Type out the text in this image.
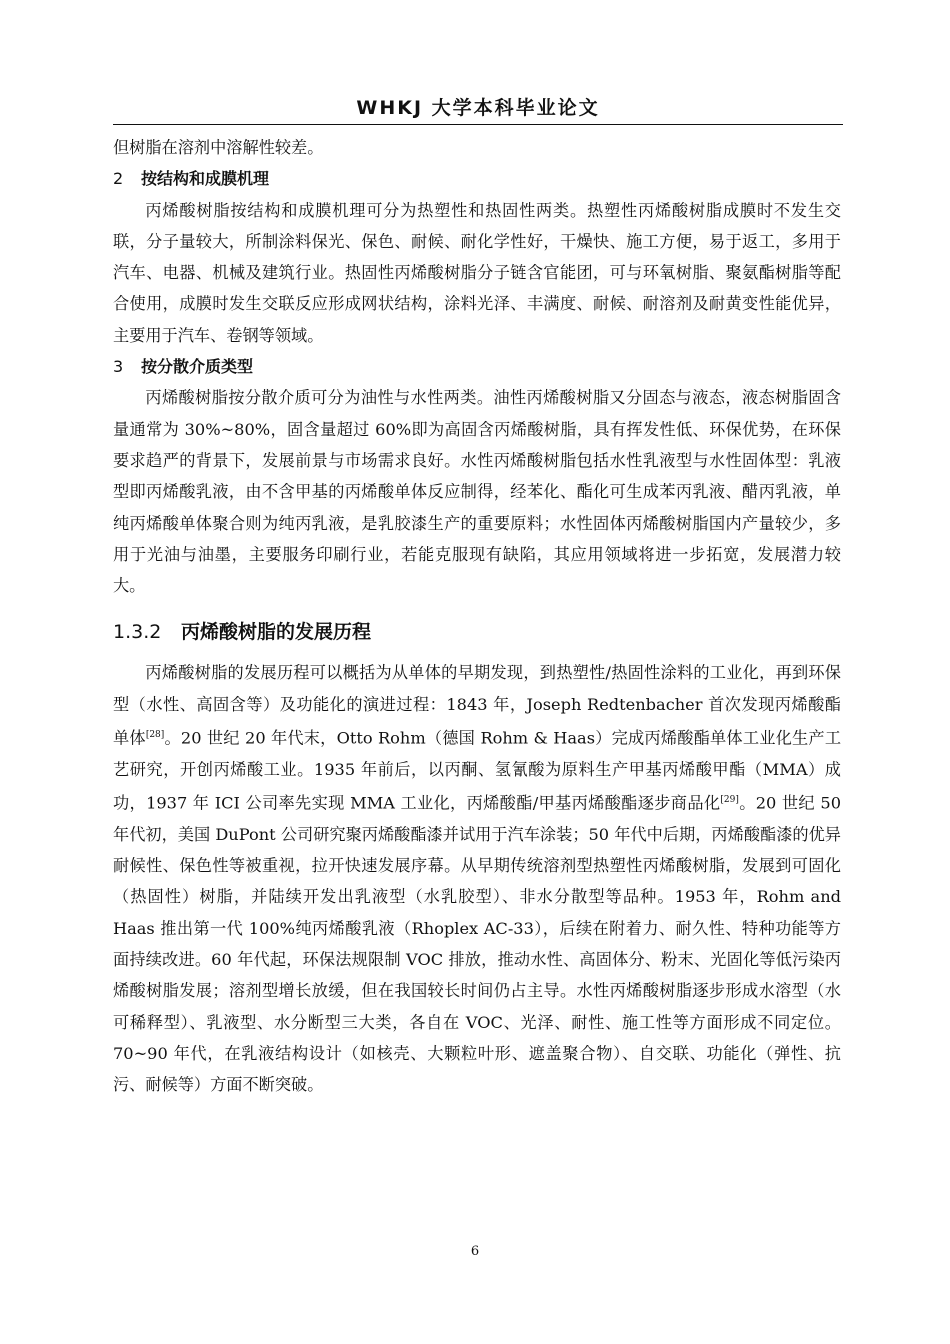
WHKJ 大学本科毕业论文

但树脂在溶剂中溶解性较差。

2 按结构和成膜机理

丙烯酸树脂按结构和成膜机理可分为热塑性和热固性两类。热塑性丙烯酸树脂成膜时不发生交联，分子量较大，所制涂料保光、保色、耐候、耐化学性好，干燥快、施工方便，易于返工，多用于汽车、电器、机械及建筑行业。热固性丙烯酸树脂分子链含官能团，可与环氧树脂、聚氨酯树脂等配合使用，成膜时发生交联反应形成网状结构，涂料光泽、丰满度、耐候、耐溶剂及耐黄变性能优异，主要用于汽车、卷钢等领域。

3 按分散介质类型

丙烯酸树脂按分散介质可分为油性与水性两类。油性丙烯酸树脂又分固态与液态，液态树脂固含量通常为 30%~80%，固含量超过 60%即为高固含丙烯酸树脂，具有挥发性低、环保优势，在环保要求趋严的背景下，发展前景与市场需求良好。水性丙烯酸树脂包括水性乳液型与水性固体型：乳液型即丙烯酸乳液，由不含甲基的丙烯酸单体反应制得，经苯化、酯化可生成苯丙乳液、醋丙乳液，单纯丙烯酸单体聚合则为纯丙乳液，是乳胶漆生产的重要原料；水性固体丙烯酸树脂国内产量较少，多用于光油与油墨，主要服务印刷行业，若能克服现有缺陷，其应用领域将进一步拓宽，发展潜力较大。

1.3.2 丙烯酸树脂的发展历程

丙烯酸树脂的发展历程可以概括为从单体的早期发现，到热塑性/热固性涂料的工业化，再到环保型（水性、高固含等）及功能化的演进过程：1843 年，Joseph Redtenbacher 首次发现丙烯酸酯单体[28]。20 世纪 20 年代末，Otto Rohm（德国 Rohm & Haas）完成丙烯酸酯单体工业化生产工艺研究，开创丙烯酸工业。1935 年前后，以丙酮、氢氰酸为原料生产甲基丙烯酸甲酯（MMA）成功，1937 年 ICI 公司率先实现 MMA 工业化，丙烯酸酯/甲基丙烯酸酯逐步商品化[29]。20 世纪 50 年代初，美国 DuPont 公司研究聚丙烯酸酯漆并试用于汽车涂装；50 年代中后期，丙烯酸酯漆的优异耐候性、保色性等被重视，拉开快速发展序幕。从早期传统溶剂型热塑性丙烯酸树脂，发展到可固化（热固性）树脂，并陆续开发出乳液型（水乳胶型）、非水分散型等品种。1953 年，Rohm and Haas 推出第一代 100%纯丙烯酸乳液（Rhoplex AC-33），后续在附着力、耐久性、特种功能等方面持续改进。60 年代起，环保法规限制 VOC 排放，推动水性、高固体分、粉末、光固化等低污染丙烯酸树脂发展；溶剂型增长放缓，但在我国较长时间仍占主导。水性丙烯酸树脂逐步形成水溶型（水可稀释型）、乳液型、水分断型三大类，各自在 VOC、光泽、耐性、施工性等方面形成不同定位。70~90 年代，在乳液结构设计（如核壳、大颗粒叶形、遮盖聚合物）、自交联、功能化（弹性、抗污、耐候等）方面不断突破。

6
